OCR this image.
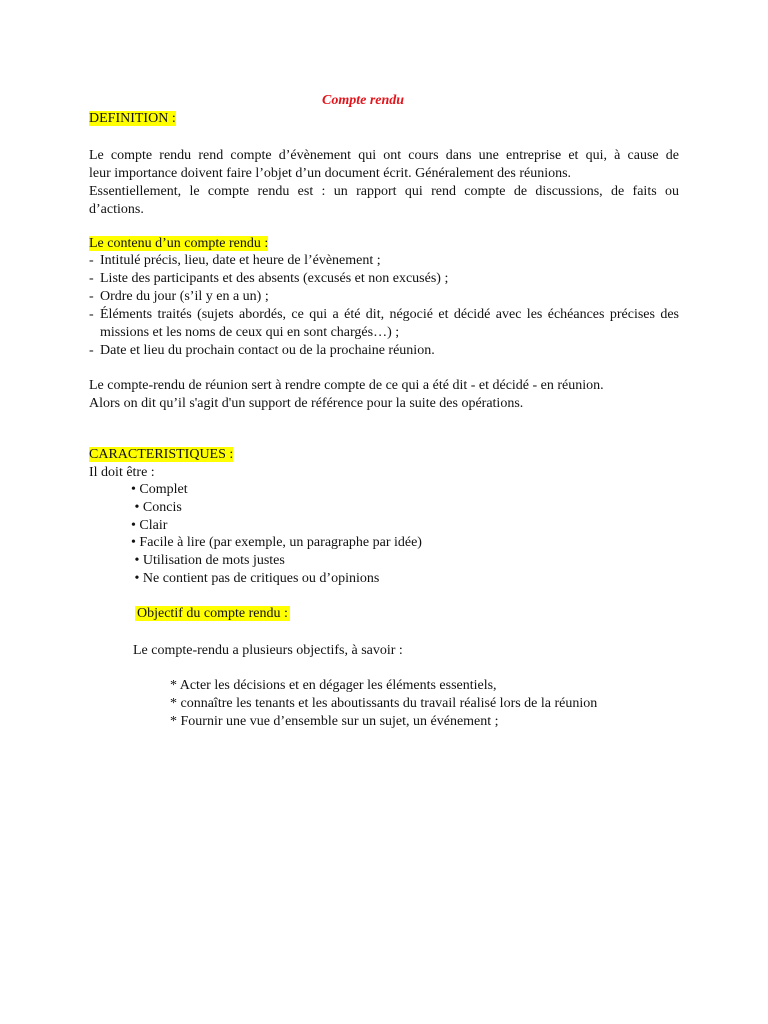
Compte rendu
DEFINITION :
Le compte rendu rend compte d’évènement qui ont cours dans une entreprise et qui, à cause de
leur importance doivent faire l’objet d’un document écrit. Généralement des réunions.
Essentiellement, le compte rendu est : un rapport qui rend compte de discussions, de faits ou
d’actions.
Le contenu d’un compte rendu :
- Intitulé précis, lieu, date et heure de l’évènement ;
- Liste des participants et des absents (excusés et non excusés) ;
- Ordre du jour (s’il y en a un) ;
- Éléments traités (sujets abordés, ce qui a été dit, négocié et décidé avec les échéances précises des missions et les noms de ceux qui en sont chargés…) ;
- Date et lieu du prochain contact ou de la prochaine réunion.
Le compte-rendu de réunion sert à rendre compte de ce qui a été dit - et décidé - en réunion.
Alors on dit qu’il s'agit d'un support de référence pour la suite des opérations.
CARACTERISTIQUES :
Il doit être :
• Complet
• Concis
• Clair
• Facile à lire (par exemple, un paragraphe par idée)
• Utilisation de mots justes
• Ne contient pas de critiques ou d’opinions
Objectif du compte rendu :
Le compte-rendu a plusieurs objectifs, à savoir :
* Acter les décisions et en dégager les éléments essentiels,
* connaître les tenants et les aboutissants du travail réalisé lors de la réunion
* Fournir une vue d’ensemble sur un sujet, un événement ;
